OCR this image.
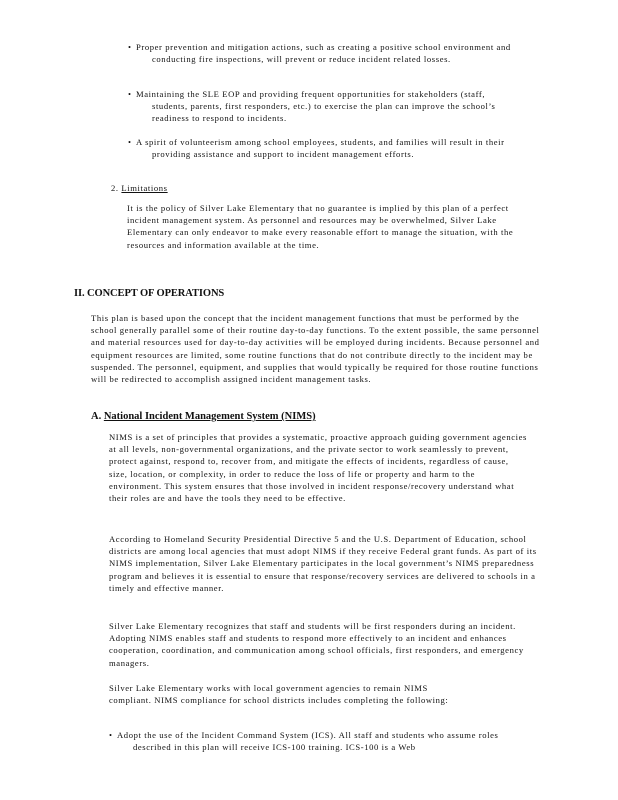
• Proper prevention and mitigation actions, such as creating a positive school environment and conducting fire inspections, will prevent or reduce incident related losses.

• Maintaining the SLE EOP and providing frequent opportunities for stakeholders (staff, students, parents, first responders, etc.) to exercise the plan can improve the school’s readiness to respond to incidents.

• A spirit of volunteerism among school employees, students, and families will result in their providing assistance and support to incident management efforts.

2. Limitations

It is the policy of Silver Lake Elementary that no guarantee is implied by this plan of a perfect incident management system. As personnel and resources may be overwhelmed, Silver Lake Elementary can only endeavor to make every reasonable effort to manage the situation, with the resources and information available at the time.

II. CONCEPT OF OPERATIONS

This plan is based upon the concept that the incident management functions that must be performed by the school generally parallel some of their routine day-to-day functions. To the extent possible, the same personnel and material resources used for day-to-day activities will be employed during incidents. Because personnel and equipment resources are limited, some routine functions that do not contribute directly to the incident may be suspended. The personnel, equipment, and supplies that would typically be required for those routine functions will be redirected to accomplish assigned incident management tasks.

A. National Incident Management System (NIMS)

NIMS is a set of principles that provides a systematic, proactive approach guiding government agencies at all levels, non-governmental organizations, and the private sector to work seamlessly to prevent, protect against, respond to, recover from, and mitigate the effects of incidents, regardless of cause, size, location, or complexity, in order to reduce the loss of life or property and harm to the environment. This system ensures that those involved in incident response/recovery understand what their roles are and have the tools they need to be effective.

According to Homeland Security Presidential Directive 5 and the U.S. Department of Education, school districts are among local agencies that must adopt NIMS if they receive Federal grant funds. As part of its NIMS implementation, Silver Lake Elementary participates in the local government’s NIMS preparedness program and believes it is essential to ensure that response/recovery services are delivered to schools in a timely and effective manner.

Silver Lake Elementary recognizes that staff and students will be first responders during an incident. Adopting NIMS enables staff and students to respond more effectively to an incident and enhances cooperation, coordination, and communication among school officials, first responders, and emergency managers.

Silver Lake Elementary works with local government agencies to remain NIMS compliant. NIMS compliance for school districts includes completing the following:

• Adopt the use of the Incident Command System (ICS). All staff and students who assume roles described in this plan will receive ICS-100 training. ICS-100 is a Web
